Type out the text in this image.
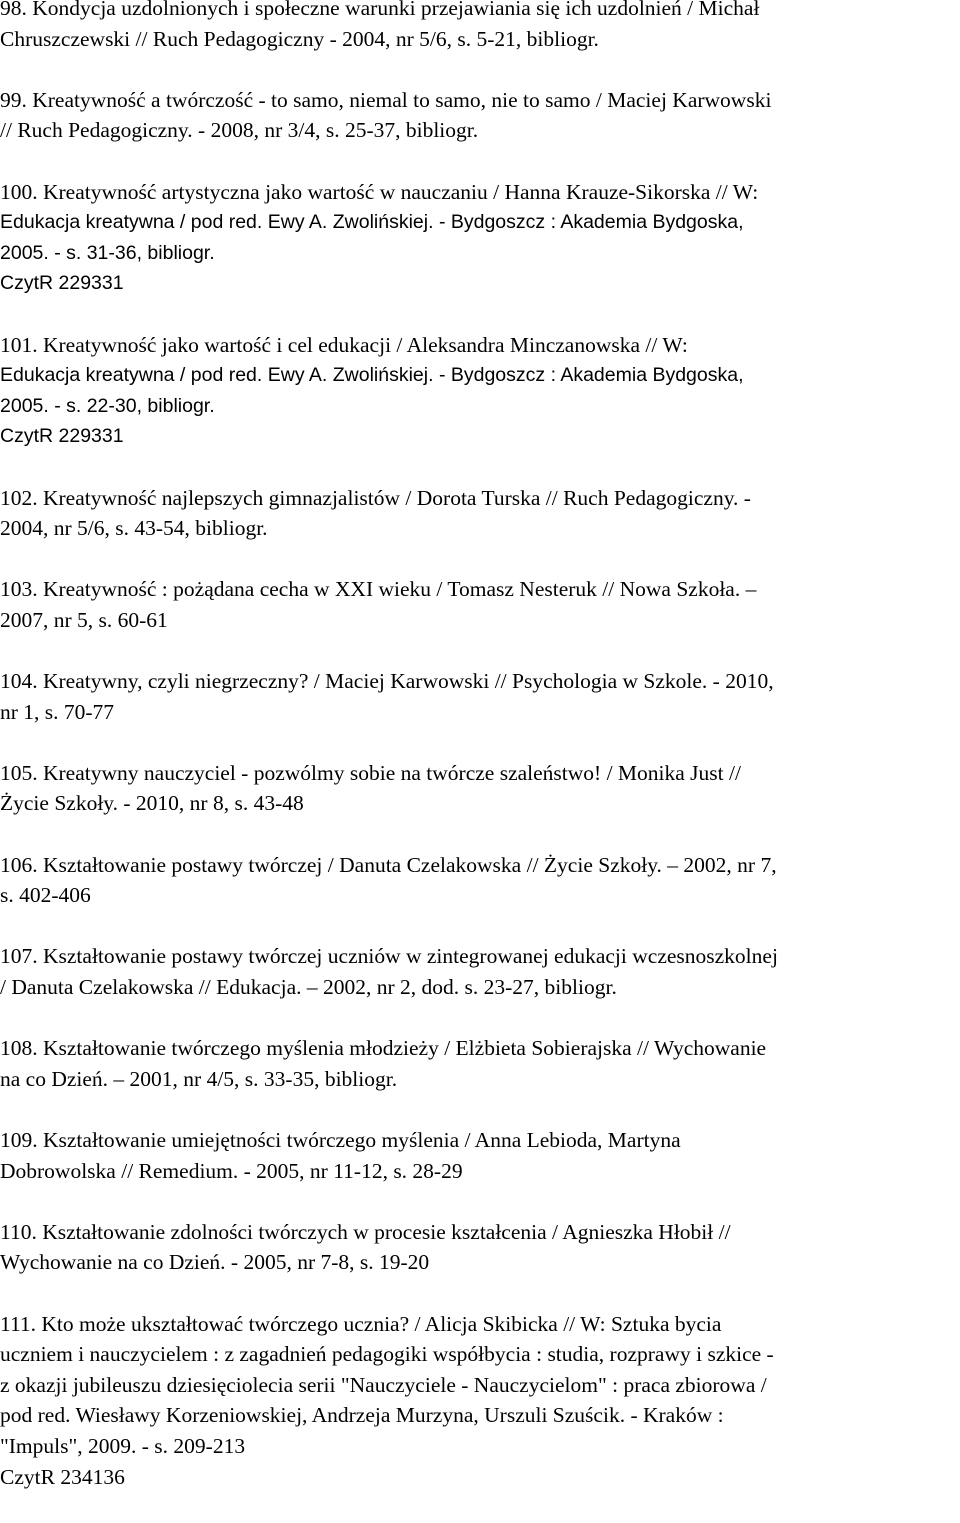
98. Kondycja uzdolnionych i społeczne warunki przejawiania się ich uzdolnień / Michał
Chruszczewski // Ruch Pedagogiczny - 2004, nr 5/6, s. 5-21, bibliogr.
99. Kreatywność a twórczość - to samo, niemal to samo, nie to samo / Maciej Karwowski
// Ruch Pedagogiczny. - 2008, nr 3/4, s. 25-37, bibliogr.
100. Kreatywność artystyczna jako wartość w nauczaniu / Hanna Krauze-Sikorska // W:
Edukacja kreatywna / pod red. Ewy A. Zwolińskiej. - Bydgoszcz : Akademia Bydgoska,
2005. - s. 31-36, bibliogr.
CzytR 229331
101. Kreatywność jako wartość i cel edukacji / Aleksandra Minczanowska // W:
Edukacja kreatywna / pod red. Ewy A. Zwolińskiej. - Bydgoszcz : Akademia Bydgoska,
2005. - s. 22-30, bibliogr.
CzytR 229331
102. Kreatywność najlepszych gimnazjalistów / Dorota Turska // Ruch Pedagogiczny. -
2004, nr 5/6, s. 43-54, bibliogr.
103. Kreatywność : pożądana cecha w XXI wieku / Tomasz Nesteruk // Nowa Szkoła. –
2007, nr 5, s. 60-61
104. Kreatywny, czyli niegrzeczny? / Maciej Karwowski // Psychologia w Szkole. - 2010,
nr 1, s. 70-77
105. Kreatywny nauczyciel - pozwólmy sobie na twórcze szaleństwo! / Monika Just //
Życie Szkoły. - 2010, nr 8, s. 43-48
106. Kształtowanie postawy twórczej / Danuta Czelakowska // Życie Szkoły. – 2002, nr 7,
s. 402-406
107. Kształtowanie postawy twórczej uczniów w zintegrowanej edukacji wczesnoszkolnej
/ Danuta Czelakowska // Edukacja. – 2002, nr 2, dod. s. 23-27, bibliogr.
108. Kształtowanie twórczego myślenia młodzieży / Elżbieta Sobierajska // Wychowanie
na co Dzień. – 2001, nr 4/5, s. 33-35, bibliogr.
109. Kształtowanie umiejętności twórczego myślenia / Anna Lebioda, Martyna
Dobrowolska // Remedium. - 2005, nr 11-12, s. 28-29
110. Kształtowanie zdolności twórczych w procesie kształcenia / Agnieszka Hłobił //
Wychowanie na co Dzień. - 2005, nr 7-8, s. 19-20
111. Kto może ukształtować twórczego ucznia? / Alicja Skibicka // W: Sztuka bycia
uczniem i nauczycielem : z zagadnień pedagogiki współbycia : studia, rozprawy i szkice -
z okazji jubileuszu dziesięciolecia serii "Nauczyciele - Nauczycielom" : praca zbiorowa /
pod red. Wiesławy Korzeniowskiej, Andrzeja Murzyna, Urszuli Szuścik. - Kraków :
"Impuls", 2009. - s. 209-213
CzytR 234136
